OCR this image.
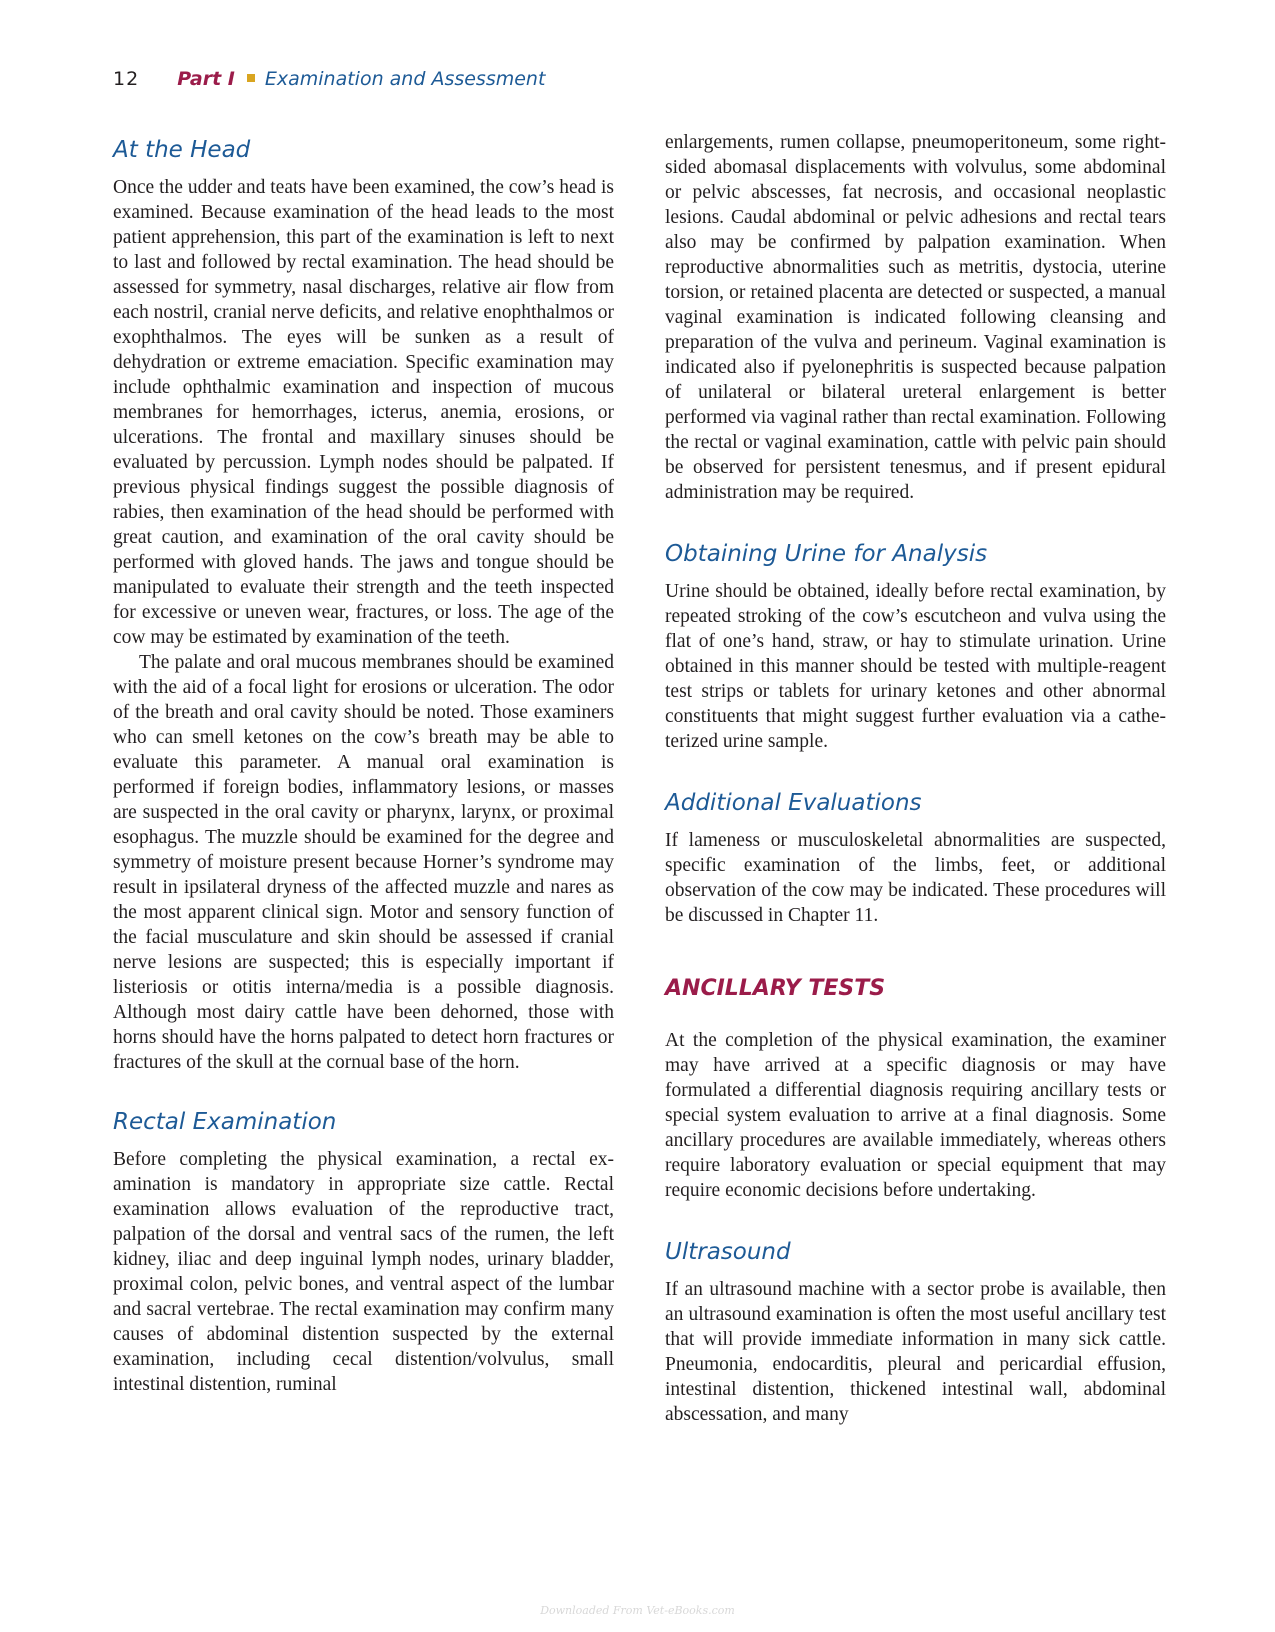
12 Part I Examination and Assessment
At the Head

Once the udder and teats have been examined, the cow’s head is examined. Because examination of the head leads to the most patient apprehension, this part of the examination is left to next to last and followed by rectal examination. The head should be assessed for symmetry, nasal discharges, relative air flow from each nostril, cranial nerve deficits, and relative enophthalmos or exophthalmos. The eyes will be sunken as a result of dehydration or extreme emaciation. Specific examination may include ophthalmic examination and inspection of mucous membranes for hemorrhages, icterus, anemia, erosions, or ulcerations. The frontal and maxillary sinuses should be evaluated by percussion. Lymph nodes should be palpated. If previous physical findings suggest the possible diagnosis of rabies, then examination of the head should be performed with great caution, and examination of the oral cavity should be performed with gloved hands. The jaws and tongue should be manipulated to evaluate their strength and the teeth inspected for excessive or uneven wear, fractures, or loss. The age of the cow may be estimated by examination of the teeth.

The palate and oral mucous membranes should be examined with the aid of a focal light for erosions or ulceration. The odor of the breath and oral cavity should be noted. Those examiners who can smell ketones on the cow’s breath may be able to evaluate this parameter. A manual oral examination is performed if foreign bodies, inflammatory lesions, or masses are suspected in the oral cavity or pharynx, larynx, or proximal esophagus. The muzzle should be examined for the degree and symmetry of moisture present because Horner’s syndrome may result in ipsilateral dryness of the affected muzzle and nares as the most apparent clinical sign. Motor and sensory function of the facial musculature and skin should be assessed if cranial nerve lesions are suspected; this is especially important if listeriosis or otitis interna/media is a possible diagnosis. Although most dairy cattle have been dehorned, those with horns should have the horns palpated to detect horn fractures or fractures of the skull at the cornual base of the horn.

Rectal Examination

Before completing the physical examination, a rectal examination is mandatory in appropriate size cattle. Rectal examination allows evaluation of the reproductive tract, palpation of the dorsal and ventral sacs of the rumen, the left kidney, iliac and deep inguinal lymph nodes, urinary bladder, proximal colon, pelvic bones, and ventral aspect of the lumbar and sacral vertebrae. The rectal examination may confirm many causes of abdominal distention suspected by the external examination, including cecal distention/volvulus, small intestinal distention, ruminal

enlargements, rumen collapse, pneumoperitoneum, some right-sided abomasal displacements with volvulus, some abdominal or pelvic abscesses, fat necrosis, and occasional neoplastic lesions. Caudal abdominal or pelvic adhesions and rectal tears also may be confirmed by palpation examination. When reproductive abnormalities such as metritis, dystocia, uterine torsion, or retained placenta are detected or suspected, a manual vaginal examination is indicated following cleansing and preparation of the vulva and perineum. Vaginal examination is indicated also if pyelonephritis is suspected because palpation of unilateral or bilateral ureteral enlargement is better performed via vaginal rather than rectal examination. Following the rectal or vaginal examination, cattle with pelvic pain should be observed for persistent tenesmus, and if present epidural administration may be required.

Obtaining Urine for Analysis

Urine should be obtained, ideally before rectal examination, by repeated stroking of the cow’s escutcheon and vulva using the flat of one’s hand, straw, or hay to stimulate urination. Urine obtained in this manner should be tested with multiple-reagent test strips or tablets for urinary ketones and other abnormal constituents that might suggest further evaluation via a catheterized urine sample.

Additional Evaluations

If lameness or musculoskeletal abnormalities are suspected, specific examination of the limbs, feet, or additional observation of the cow may be indicated. These procedures will be discussed in Chapter 11.

ANCILLARY TESTS

At the completion of the physical examination, the examiner may have arrived at a specific diagnosis or may have formulated a differential diagnosis requiring ancillary tests or special system evaluation to arrive at a final diagnosis. Some ancillary procedures are available immediately, whereas others require laboratory evaluation or special equipment that may require economic decisions before undertaking.

Ultrasound

If an ultrasound machine with a sector probe is available, then an ultrasound examination is often the most useful ancillary test that will provide immediate information in many sick cattle. Pneumonia, endocarditis, pleural and pericardial effusion, intestinal distention, thickened intestinal wall, abdominal abscessation, and many

Downloaded From Vet-eBooks.com
